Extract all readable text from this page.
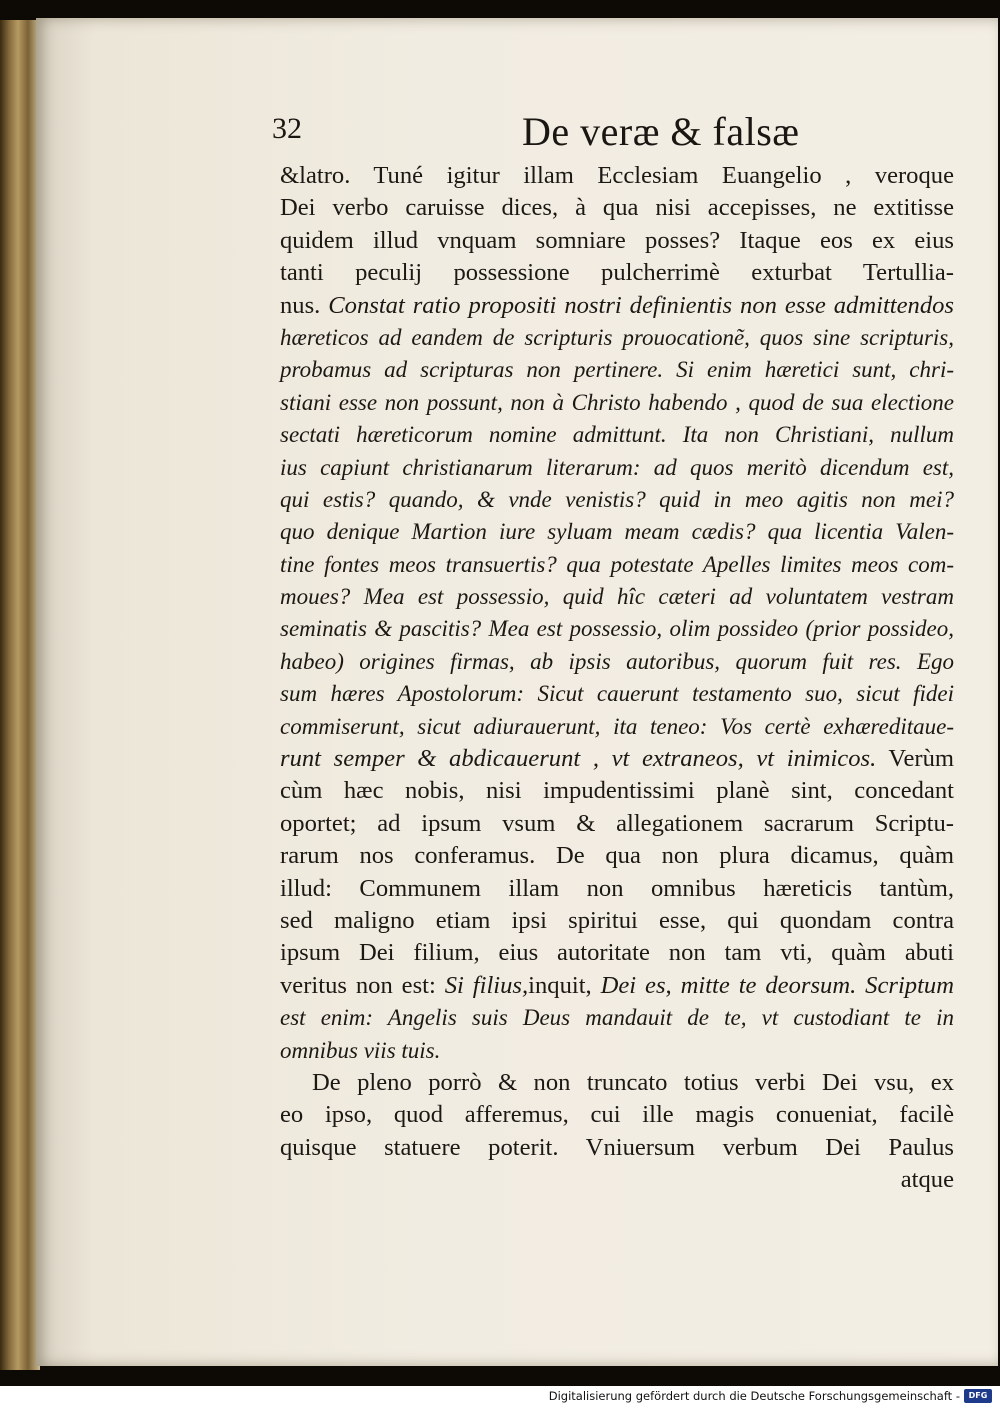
32	De veræ & falsæ
&latro. Tuné igitur illam Ecclesiam Euangelio , veroque
Dei verbo caruisse dices, à qua nisi accepisses, ne extitisse
quidem illud vnquam somniare posses? Itaque eos ex eius
tanti peculij possessione pulcherrimè exturbat Tertullia-
nus. Constat ratio propositi nostri definientis non esse admittendos
hæreticos ad eandem de scripturis prouocationẽ, quos sine scripturis,
probamus ad scripturas non pertinere. Si enim hæretici sunt, chri-
stiani esse non possunt, non à Christo habendo , quod de sua electione
sectati hæreticorum nomine admittunt. Ita non Christiani, nullum
ius capiunt christianarum literarum: ad quos meritò dicendum est,
qui estis? quando, & vnde venistis? quid in meo agitis non mei?
quo denique Martion iure syluam meam cædis? qua licentia Valen-
tine fontes meos transuertis? qua potestate Apelles limites meos com-
moues? Mea est possessio, quid hîc cæteri ad voluntatem vestram
seminatis & pascitis? Mea est possessio, olim possideo (prior possideo,
habeo) origines firmas, ab ipsis autoribus, quorum fuit res. Ego
sum hæres Apostolorum: Sicut cauerunt testamento suo, sicut fidei
commiserunt, sicut adiurauerunt, ita teneo: Vos certè exhæreditaue-
runt semper & abdicauerunt , vt extraneos, vt inimicos. Verùm
cùm hæc nobis, nisi impudentissimi planè sint, concedant
oportet; ad ipsum vsum & allegationem sacrarum Scriptu-
rarum nos conferamus. De qua non plura dicamus, quàm
illud: Communem illam non omnibus hæreticis tantùm,
sed maligno etiam ipsi spiritui esse, qui quondam contra
ipsum Dei filium, eius autoritate non tam vti, quàm abuti
veritus non est: Si filius,inquit, Dei es, mitte te deorsum. Scriptum
est enim: Angelis suis Deus mandauit de te, vt custodiant te in
omnibus viis tuis.
De pleno porrò & non truncato totius verbi Dei vsu, ex
eo ipso, quod afferemus, cui ille magis conueniat, facilè
quisque statuere poterit. Vniuersum verbum Dei Paulus
atque
Digitalisierung gefördert durch die Deutsche Forschungsgemeinschaft -	DFG
